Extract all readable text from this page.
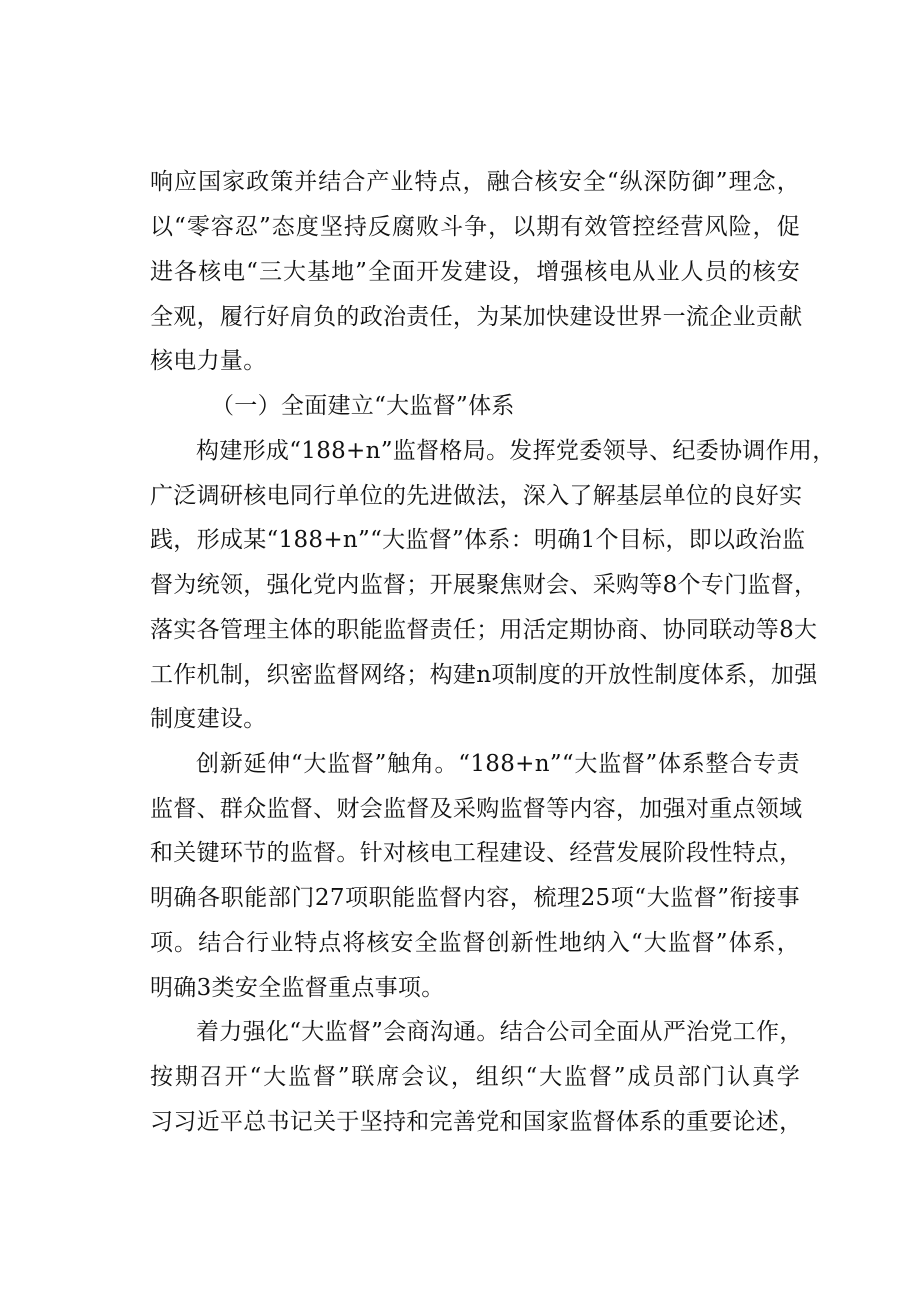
响应国家政策并结合产业特点，融合核安全“纵深防御”理念，
以“零容忍”态度坚持反腐败斗争，以期有效管控经营风险，促
进各核电“三大基地”全面开发建设，增强核电从业人员的核安
全观，履行好肩负的政治责任，为某加快建设世界一流企业贡献
核电力量。
（一）全面建立“大监督”体系
构建形成“188+n”监督格局。发挥党委领导、纪委协调作用，
广泛调研核电同行单位的先进做法，深入了解基层单位的良好实
践，形成某“188+n”“大监督”体系：明确1个目标，即以政治监
督为统领，强化党内监督；开展聚焦财会、采购等8个专门监督，
落实各管理主体的职能监督责任；用活定期协商、协同联动等8大
工作机制，织密监督网络；构建n项制度的开放性制度体系，加强
制度建设。
创新延伸“大监督”触角。“188+n”“大监督”体系整合专责
监督、群众监督、财会监督及采购监督等内容，加强对重点领域
和关键环节的监督。针对核电工程建设、经营发展阶段性特点，
明确各职能部门27项职能监督内容，梳理25项“大监督”衔接事
项。结合行业特点将核安全监督创新性地纳入“大监督”体系，
明确3类安全监督重点事项。
着力强化“大监督”会商沟通。结合公司全面从严治党工作，
按期召开“大监督”联席会议，组织“大监督”成员部门认真学
习习近平总书记关于坚持和完善党和国家监督体系的重要论述，
